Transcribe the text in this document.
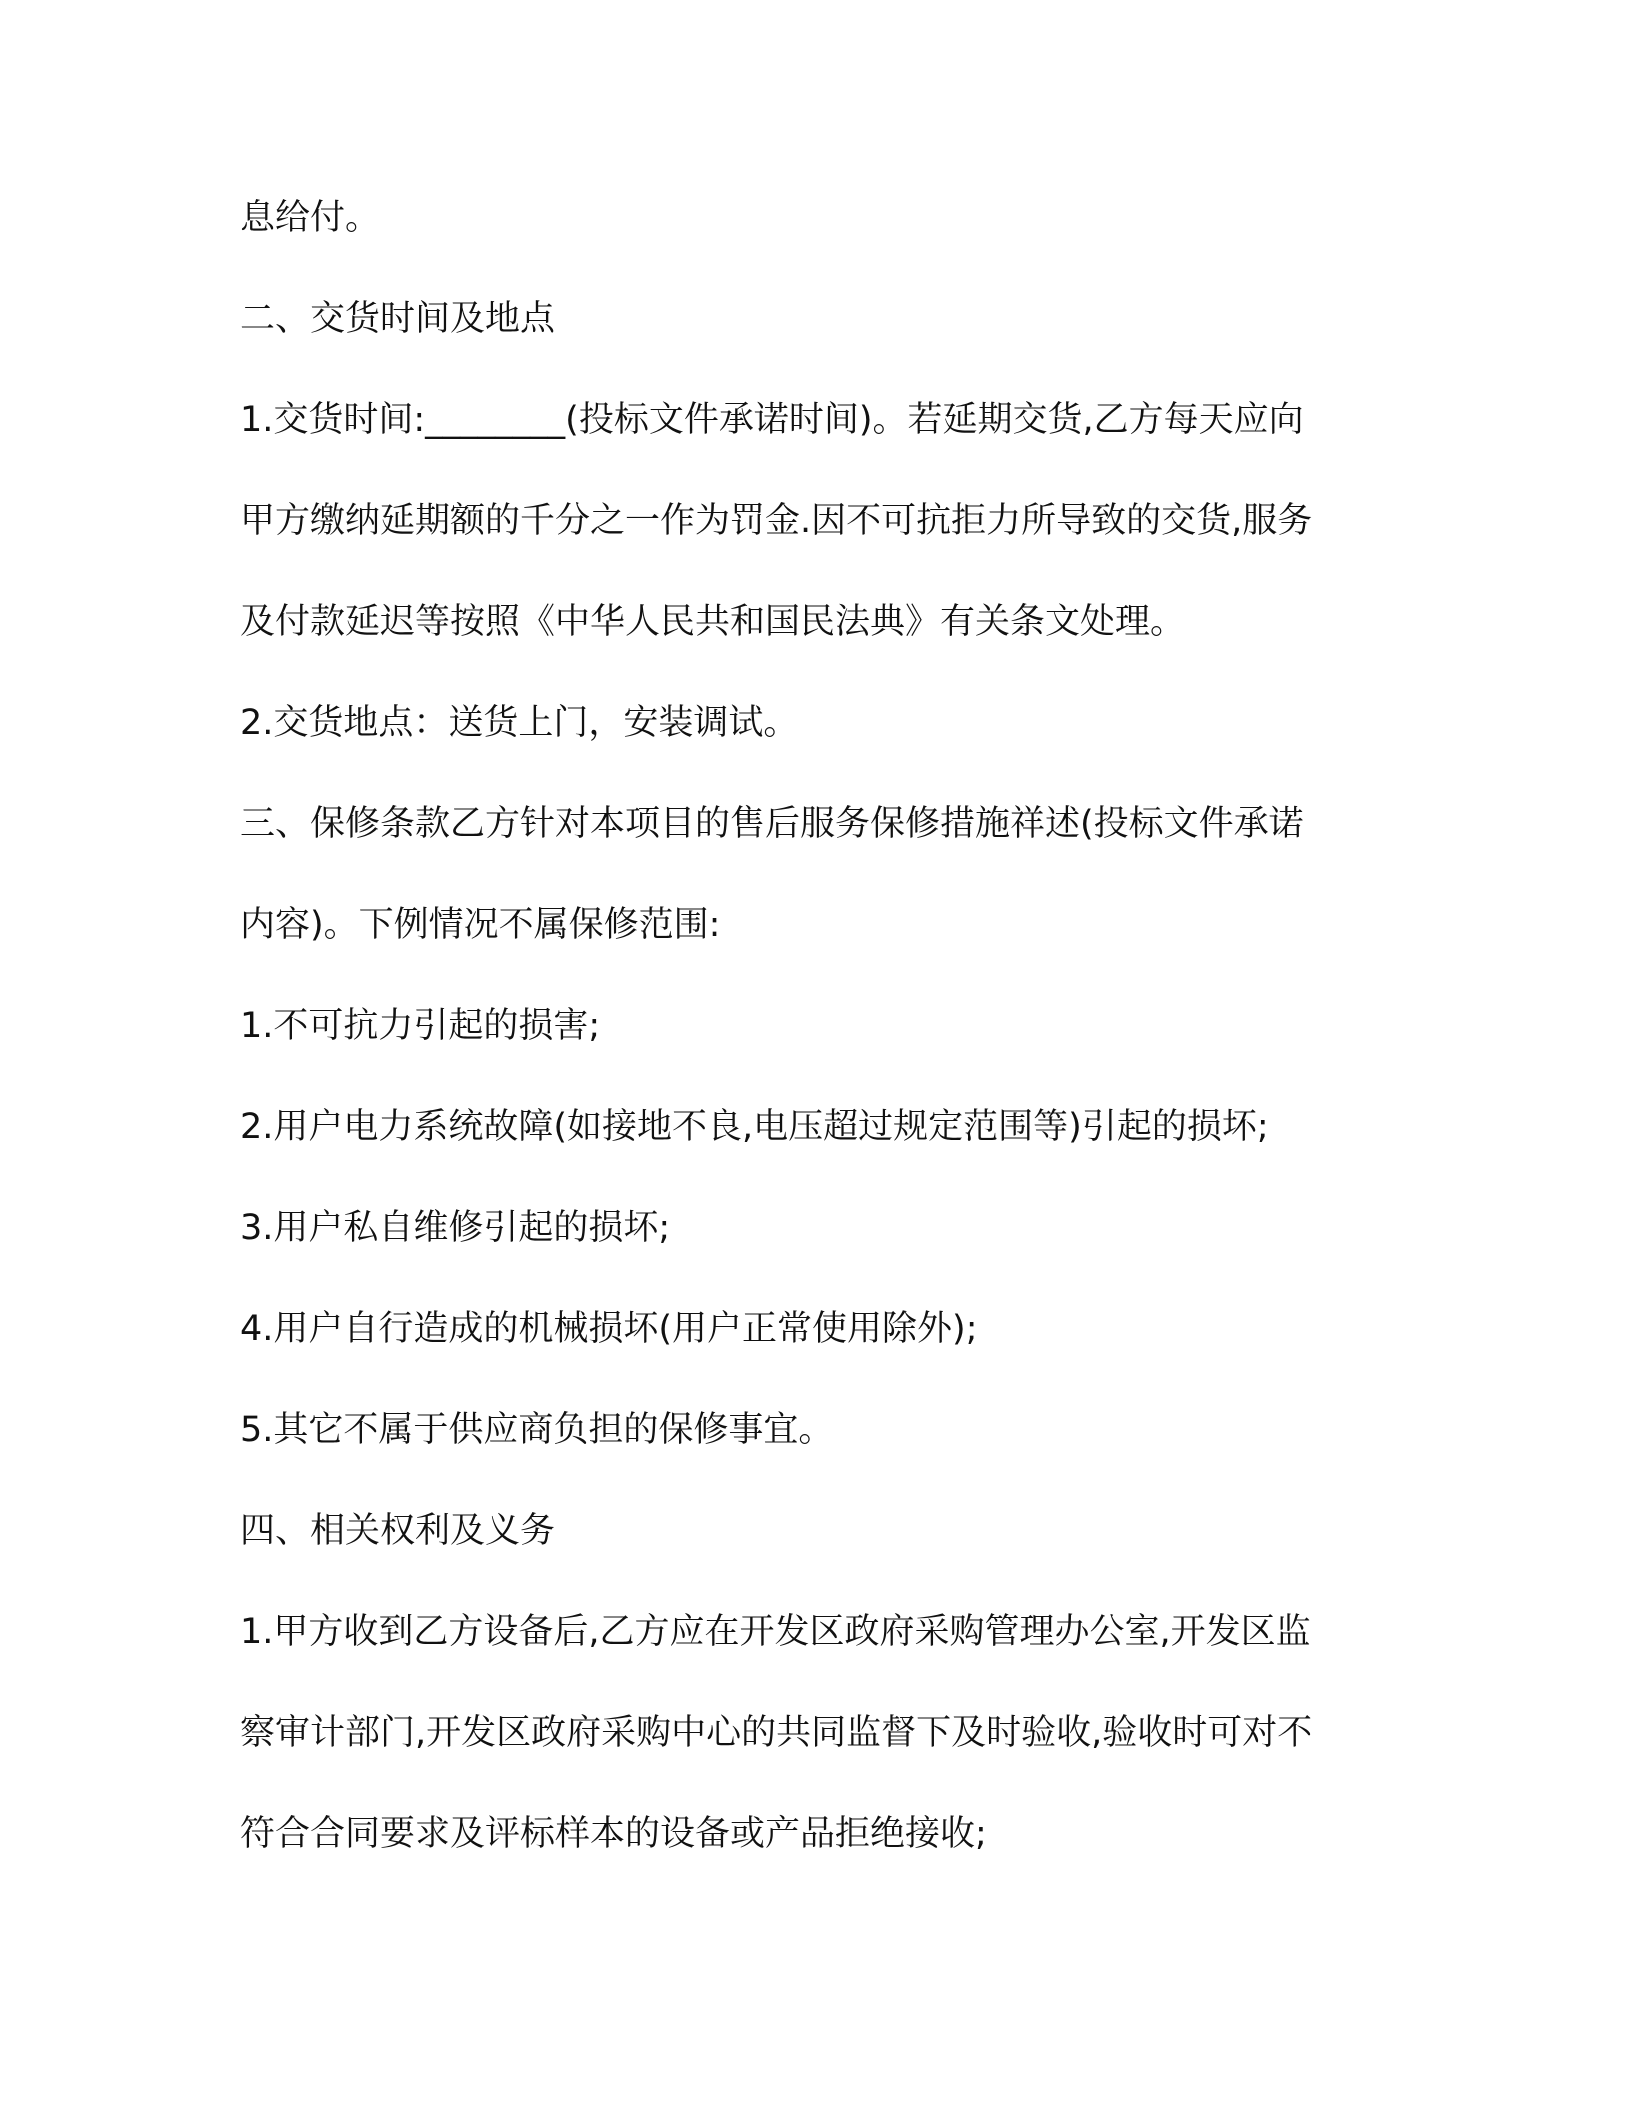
息给付。

二、交货时间及地点

1.交货时间:________(投标文件承诺时间)。若延期交货,乙方每天应向

甲方缴纳延期额的千分之一作为罚金.因不可抗拒力所导致的交货,服务

及付款延迟等按照《中华人民共和国民法典》有关条文处理。

2.交货地点：送货上门，安装调试。

三、保修条款乙方针对本项目的售后服务保修措施祥述(投标文件承诺

内容)。下例情况不属保修范围:

1.不可抗力引起的损害;

2.用户电力系统故障(如接地不良,电压超过规定范围等)引起的损坏;

3.用户私自维修引起的损坏;

4.用户自行造成的机械损坏(用户正常使用除外);

5.其它不属于供应商负担的保修事宜。

四、相关权利及义务

1.甲方收到乙方设备后,乙方应在开发区政府采购管理办公室,开发区监

察审计部门,开发区政府采购中心的共同监督下及时验收,验收时可对不

符合合同要求及评标样本的设备或产品拒绝接收;
